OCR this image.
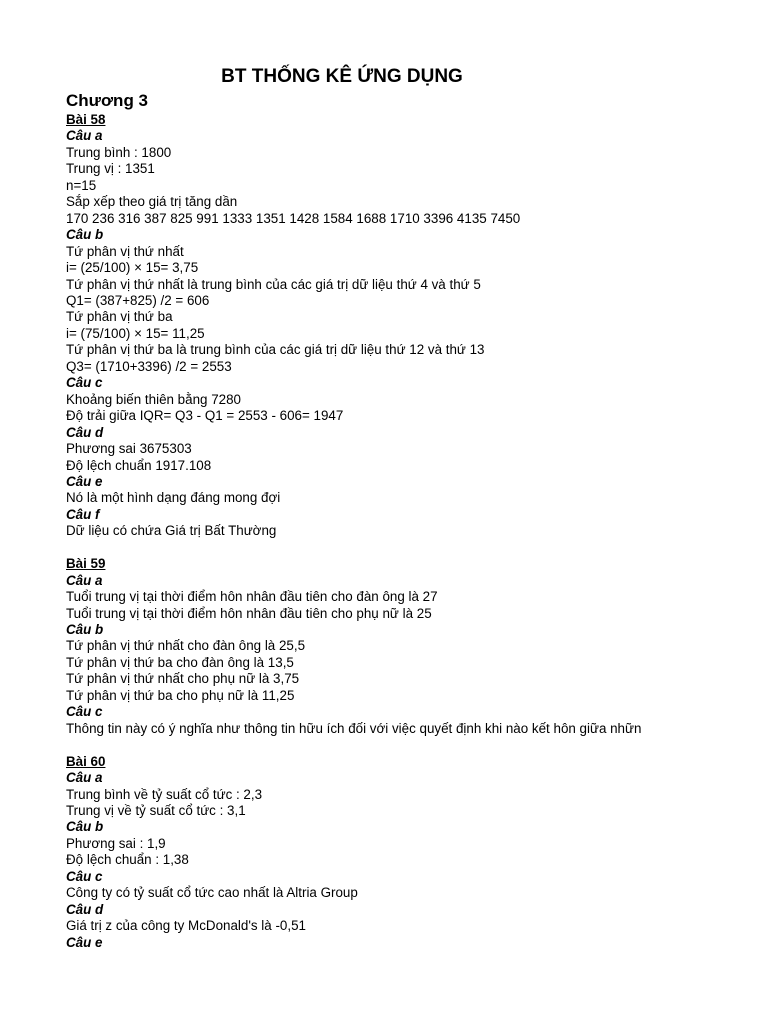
BT THỐNG KÊ ỨNG DỤNG

Chương 3

Bài 58

Câu a

Trung bình : 1800

Trung vị : 1351

n=15

Sắp xếp theo giá trị tăng dần

170 236 316 387 825 991 1333 1351 1428 1584 1688 1710 3396 4135 7450

Câu b

Tứ phân vị thứ nhất

i= (25/100) × 15= 3,75

Tứ phân vị thứ nhất là trung bình của các giá trị dữ liệu thứ 4 và thứ 5

Q1= (387+825) /2 = 606

Tứ phân vị thứ ba

i= (75/100) × 15= 11,25

Tứ phân vị thứ ba là trung bình của các giá trị dữ liệu thứ 12 và thứ 13

Q3= (1710+3396) /2 = 2553

Câu c

Khoảng biến thiên bằng 7280

Độ trải giữa IQR= Q3 - Q1 = 2553 - 606= 1947

Câu d

Phương sai 3675303

Độ lệch chuẩn 1917.108

Câu e

Nó là một hình dạng đáng mong đợi

Câu f

Dữ liệu có chứa Giá trị Bất Thường

Bài 59

Câu a

Tuổi trung vị tại thời điểm hôn nhân đầu tiên cho đàn ông là 27

Tuổi trung vị tại thời điểm hôn nhân đầu tiên cho phụ nữ là 25

Câu b

Tứ phân vị thứ nhất cho đàn ông là 25,5

Tứ phân vị thứ ba cho đàn ông là 13,5

Tứ phân vị thứ nhất cho phụ nữ là 3,75

Tứ phân vị thứ ba cho phụ nữ là 11,25

Câu c

Thông tin này có ý nghĩa như thông tin hữu ích đối với việc quyết định khi nào kết hôn giữa nhữn

Bài 60

Câu a

Trung bình về tỷ suất cổ tức : 2,3

Trung vị về tỷ suất cổ tức : 3,1

Câu b

Phương sai : 1,9

Độ lệch chuẩn : 1,38

Câu c

Công ty có tỷ suất cổ tức cao nhất là Altria Group

Câu d

Giá trị z của công ty McDonald's là -0,51

Câu e
